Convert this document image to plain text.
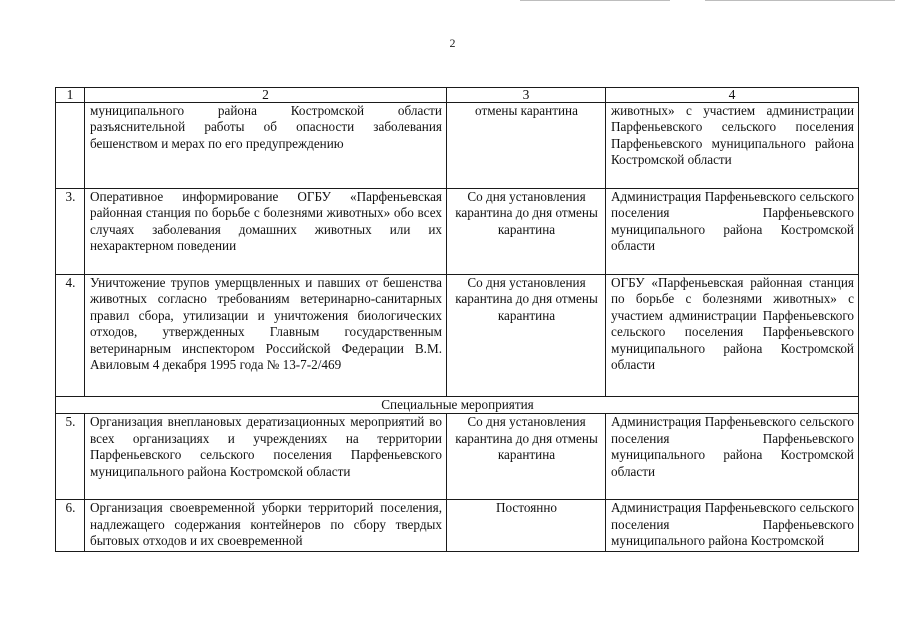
2
1	2	3	4
	муниципального района Костромской области разъяснительной работы об опасности заболевания бешенством и мерах по его предупреждению	отмены карантина	животных» с участием администрации Парфеньевского сельского поселения Парфеньевского муниципального района Костромской области
3.	Оперативное информирование ОГБУ «Парфеньевская районная станция по борьбе с болезнями животных» обо всех случаях заболевания домашних животных или их нехарактерном поведении	Со дня установления карантина до дня отмены карантина	Администрация Парфеньевского сельского поселения Парфеньевского муниципального района Костромской области
4.	Уничтожение трупов умерщвленных и павших от бешенства животных согласно требованиям ветеринарно-санитарных правил сбора, утилизации и уничтожения биологических отходов, утвержденных Главным государственным ветеринарным инспектором Российской Федерации В.М. Авиловым 4 декабря 1995 года № 13-7-2/469	Со дня установления карантина до дня отмены карантина	ОГБУ «Парфеньевская районная станция по борьбе с болезнями животных» с участием администрации Парфеньевского сельского поселения Парфеньевского муниципального района Костромской области
Специальные мероприятия			
5.	Организация внеплановых дератизационных мероприятий во всех организациях и учреждениях на территории Парфеньевского сельского поселения Парфеньевского муниципального района Костромской области	Со дня установления карантина до дня отмены карантина	Администрация Парфеньевского сельского поселения Парфеньевского муниципального района Костромской области
6.	Организация своевременной уборки территорий поселения, надлежащего содержания контейнеров по сбору твердых бытовых отходов и их своевременной	Постоянно	Администрация Парфеньевского сельского поселения Парфеньевского муниципального района Костромской
